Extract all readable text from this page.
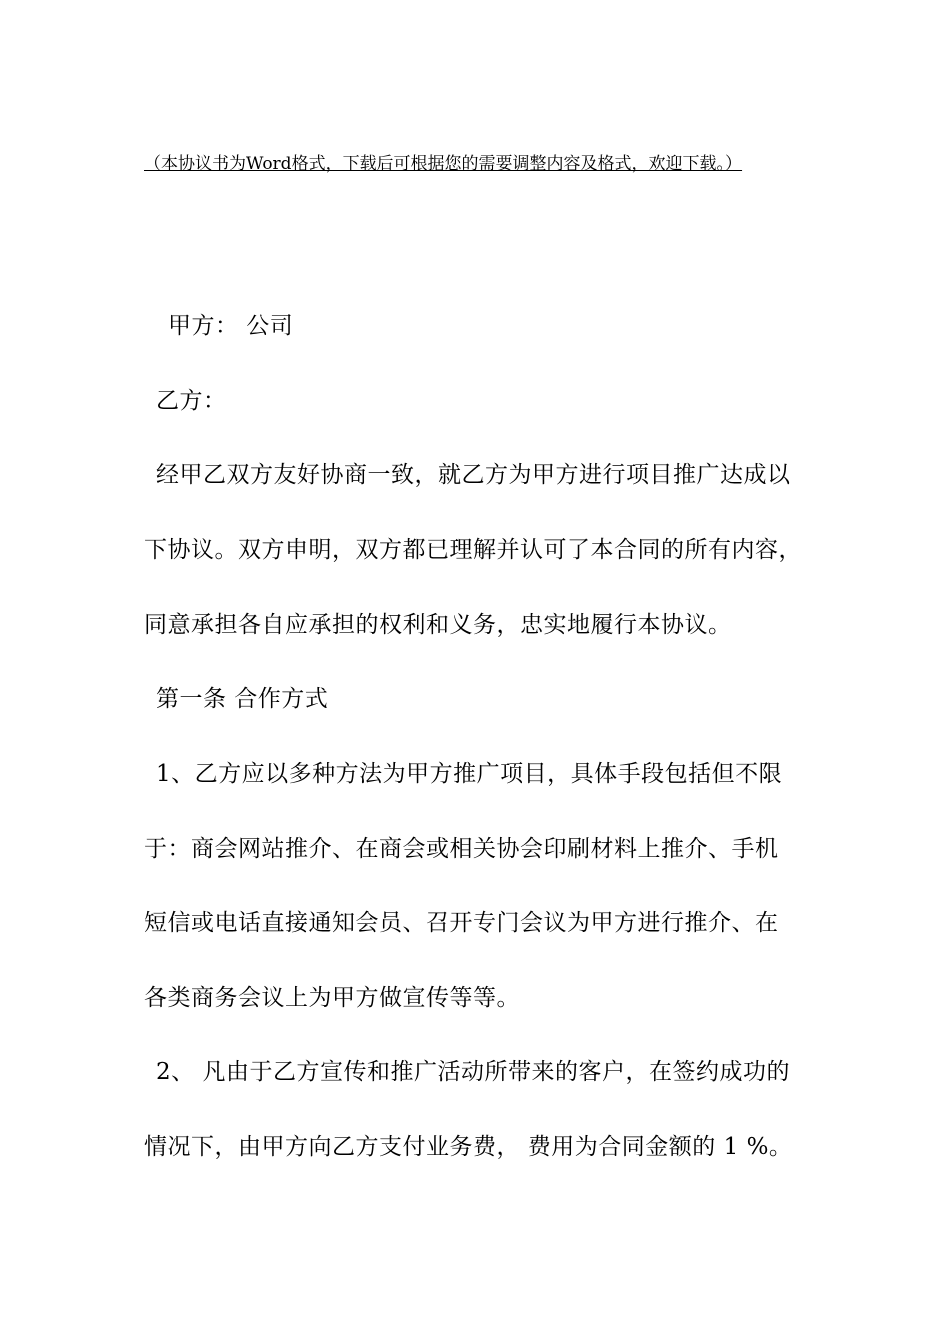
（本协议书为Word格式，下载后可根据您的需要调整内容及格式，欢迎下载。）
甲方： 公司
乙方：
经甲乙双方友好协商一致，就乙方为甲方进行项目推广达成以
下协议。双方申明，双方都已理解并认可了本合同的所有内容，
同意承担各自应承担的权利和义务，忠实地履行本协议。
第一条 合作方式
1、乙方应以多种方法为甲方推广项目，具体手段包括但不限
于：商会网站推介、在商会或相关协会印刷材料上推介、手机
短信或电话直接通知会员、召开专门会议为甲方进行推介、在
各类商务会议上为甲方做宣传等等。
2、 凡由于乙方宣传和推广活动所带来的客户，在签约成功的
情况下，由甲方向乙方支付业务费， 费用为合同金额的 1 %。
